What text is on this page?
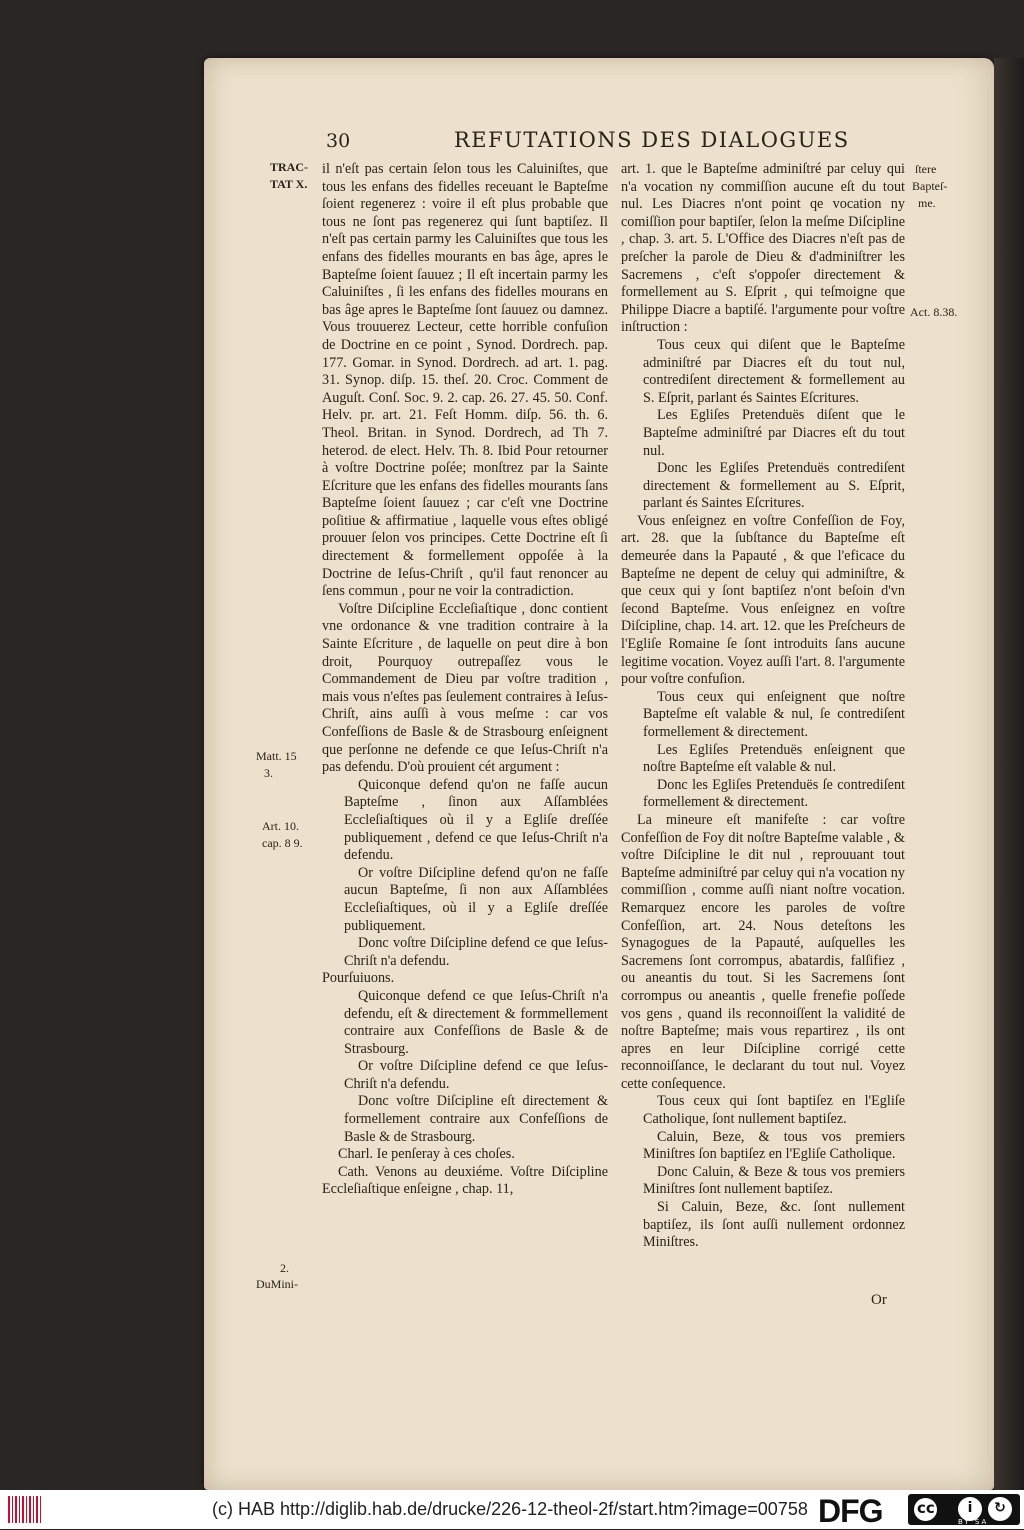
30	REFUTATIONS DES DIALOGUES
TRAC-
TAT X.
Matt. 15
3.
Art. 10.
cap. 8 9.
2.
DuMini-
ſtere
Bapteſ-
me.
Act. 8.38.

il n'eſt pas certain ſelon tous les Caluiniſtes, que tous les enfans des fidelles receuant le Bapteſme ſoient regenerez : voire il eſt plus probable que tous ne ſont pas regenerez qui ſunt baptiſez. Il n'eſt pas certain parmy les Caluiniſtes que tous les enfans des fidelles mourants en bas âge, apres le Bapteſme ſoient ſauuez ; Il eſt incertain parmy les Caluiniſtes , ſi les enfans des fidelles mourans en bas âge apres le Bapteſme ſont ſauuez ou damnez. Vous trouuerez Lecteur, cette horrible confuſion de Doctrine en ce point , Synod. Dordrech. pap. 177. Gomar. in Synod. Dordrech. ad art. 1. pag. 31. Synop. diſp. 15. theſ. 20. Croc. Comment de Auguſt. Conſ. Soc. 9. 2. cap. 26. 27. 45. 50. Conf. Helv. pr. art. 21. Feſt Homm. diſp. 56. th. 6. Theol. Britan. in Synod. Dordrech, ad Th 7. heterod. de elect. Helv. Th. 8. Ibid Pour retourner à voſtre Doctrine poſée; monſtrez par la Sainte Eſcriture que les enfans des fidelles mourants ſans Bapteſme ſoient ſauuez ; car c'eſt vne Doctrine poſitiue & affirmatiue , laquelle vous eſtes obligé prouuer ſelon vos principes. Cette Doctrine eſt ſi directement & formellement oppoſée à la Doctrine de Ieſus-Chriſt , qu'il faut renoncer au ſens commun , pour ne voir la contradiction.

Voſtre Diſcipline Eccleſiaſtique , donc contient vne ordonance & vne tradition contraire à la Sainte Eſcriture , de laquelle on peut dire à bon droit, Pourquoy outrepaſſez vous le Commandement de Dieu par voſtre tradition , mais vous n'eſtes pas ſeulement contraires à Ieſus-Chriſt, ains auſſi à vous meſme : car vos Confeſſions de Basle & de Strasbourg enſeignent que perſonne ne defende ce que Ieſus-Chriſt n'a pas defendu. D'où prouient cét argument :

Quiconque defend qu'on ne faſſe aucun Bapteſme , ſinon aux Aſſamblées Eccleſiaſtiques où il y a Egliſe dreſſée publiquement , defend ce que Ieſus-Chriſt n'a defendu.

Or voſtre Diſcipline defend qu'on ne faſſe aucun Bapteſme, ſi non aux Aſſamblées Eccleſiaſtiques, où il y a Egliſe dreſſée publiquement.

Donc voſtre Diſcipline defend ce que Ieſus-Chriſt n'a defendu.

Pourſuiuons.

Quiconque defend ce que Ieſus-Chriſt n'a defendu, eſt & directement & formmellement contraire aux Confeſſions de Basle & de Strasbourg.

Or voſtre Diſcipline defend ce que Ieſus-Chriſt n'a defendu.

Donc voſtre Diſcipline eſt directement & formellement contraire aux Confeſſions de Basle & de Strasbourg.

Charl. Ie penſeray à ces choſes.

Cath. Venons au deuxiéme. Voſtre Diſcipline Eccleſiaſtique enſeigne , chap. 11,

art. 1. que le Bapteſme adminiſtré par celuy qui n'a vocation ny commiſſion aucune eſt du tout nul. Les Diacres n'ont point qe vocation ny comiſſion pour baptiſer, ſelon la meſme Diſcipline , chap. 3. art. 5. L'Office des Diacres n'eſt pas de preſcher la parole de Dieu & d'adminiſtrer les Sacremens , c'eſt s'oppoſer directement & formellement au S. Eſprit , qui teſmoigne que Philippe Diacre a baptiſé. l'argumente pour voſtre inſtruction :

Tous ceux qui diſent que le Bapteſme adminiſtré par Diacres eſt du tout nul, contrediſent directement & formellement au S. Eſprit, parlant és Saintes Eſcritures.

Les Egliſes Pretenduës diſent que le Bapteſme adminiſtré par Diacres eſt du tout nul.

Donc les Egliſes Pretenduës contrediſent directement & formellement au S. Eſprit, parlant és Saintes Eſcritures.

Vous enſeignez en voſtre Confeſſion de Foy, art. 28. que la ſubſtance du Bapteſme eſt demeurée dans la Papauté , & que l'eficace du Bapteſme ne depent de celuy qui adminiſtre, & que ceux qui y ſont baptiſez n'ont beſoin d'vn ſecond Bapteſme. Vous enſeignez en voſtre Diſcipline, chap. 14. art. 12. que les Preſcheurs de l'Egliſe Romaine ſe ſont introduits ſans aucune legitime vocation. Voyez auſſi l'art. 8. l'argumente pour voſtre confuſion.

Tous ceux qui enſeignent que noſtre Bapteſme eſt valable & nul, ſe contrediſent formellement & directement.

Les Egliſes Pretenduës enſeignent que noſtre Bapteſme eſt valable & nul.

Donc les Egliſes Pretenduës ſe contrediſent formellement & directement.

La mineure eſt manifeſte : car voſtre Confeſſion de Foy dit noſtre Bapteſme valable , & voſtre Diſcipline le dit nul , reprouuant tout Bapteſme adminiſtré par celuy qui n'a vocation ny commiſſion , comme auſſi niant noſtre vocation. Remarquez encore les paroles de voſtre Confeſſion, art. 24. Nous deteſtons les Synagogues de la Papauté, auſquelles les Sacremens ſont corrompus, abatardis, falſifiez , ou aneantis du tout. Si les Sacremens ſont corrompus ou aneantis , quelle frenefie poſſede vos gens , quand ils reconnoiſſent la validité de noſtre Bapteſme; mais vous repartirez , ils ont apres en leur Diſcipline corrigé cette reconnoiſſance, le declarant du tout nul. Voyez cette conſequence.

Tous ceux qui ſont baptiſez en l'Egliſe Catholique, ſont nullement baptiſez.

Caluin, Beze, & tous vos premiers Miniſtres ſon baptiſez en l'Egliſe Catholique.

Donc Caluin, & Beze & tous vos premiers Miniſtres ſont nullement baptiſez.

Si Caluin, Beze, &c. ſont nullement baptiſez, ils ſont auſſi nullement ordonnez Miniſtres.

Or
(c) HAB http://diglib.hab.de/drucke/226-12-theol-2f/start.htm?image=00758 DFG
cc	i	↻
BY SA
